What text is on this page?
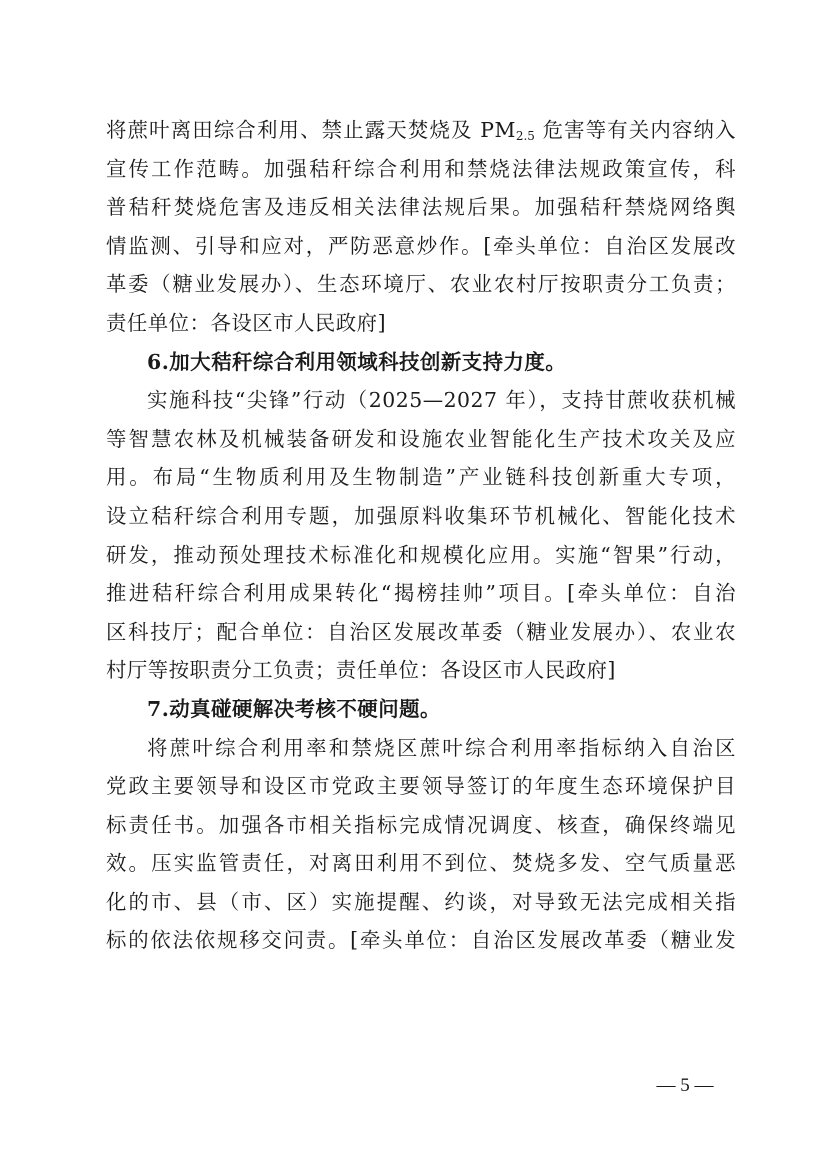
将蔗叶离田综合利用、禁止露天焚烧及 $PM_{2.5}$ 危害等有关内容纳入
宣传工作范畴。加强秸秆综合利用和禁烧法律法规政策宣传，科
普秸秆焚烧危害及违反相关法律法规后果。加强秸秆禁烧网络舆
情监测、引导和应对，严防恶意炒作。[牵头单位：自治区发展改
革委（糖业发展办）、生态环境厅、农业农村厅按职责分工负责；
责任单位：各设区市人民政府]
6.加大秸秆综合利用领域科技创新支持力度。
实施科技“尖锋”行动（2025—2027 年），支持甘蔗收获机械
等智慧农林及机械装备研发和设施农业智能化生产技术攻关及应
用。布局“生物质利用及生物制造”产业链科技创新重大专项，
设立秸秆综合利用专题，加强原料收集环节机械化、智能化技术
研发，推动预处理技术标准化和规模化应用。实施“智果”行动，
推进秸秆综合利用成果转化“揭榜挂帅”项目。[牵头单位：自治
区科技厅；配合单位：自治区发展改革委（糖业发展办）、农业农
村厅等按职责分工负责；责任单位：各设区市人民政府]
7.动真碰硬解决考核不硬问题。
将蔗叶综合利用率和禁烧区蔗叶综合利用率指标纳入自治区
党政主要领导和设区市党政主要领导签订的年度生态环境保护目
标责任书。加强各市相关指标完成情况调度、核查，确保终端见
效。压实监管责任，对离田利用不到位、焚烧多发、空气质量恶
化的市、县（市、区）实施提醒、约谈，对导致无法完成相关指
标的依法依规移交问责。[牵头单位：自治区发展改革委（糖业发
— 5 —
